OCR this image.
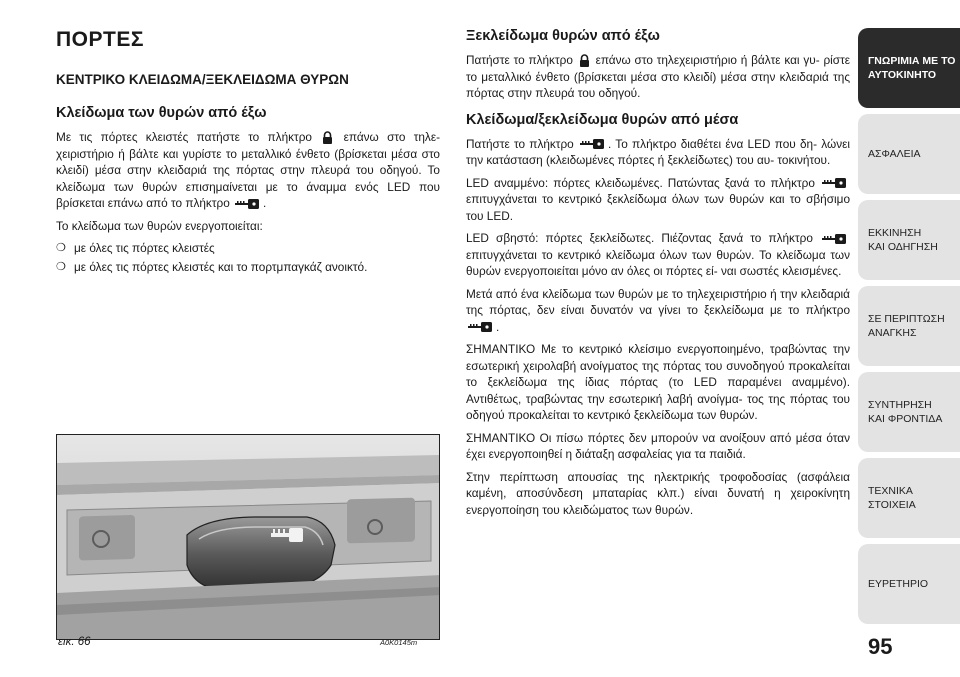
ΠΟΡΤΕΣ
ΚΕΝΤΡΙΚΟ ΚΛΕΙΔΩΜΑ/ΞΕΚΛΕΙΔΩΜΑ ΘΥΡΩΝ
Κλείδωμα των θυρών από έξω

Με τις πόρτες κλειστές πατήστε το πλήκτρο	επάνω στο τηλε- χειριστήριο ή βάλτε και γυρίστε το μεταλλικό ένθετο (βρίσκεται μέσα στο κλειδί) μέσα στην κλειδαριά της πόρτας στην πλευρά του οδηγού. Το κλείδωμα των θυρών επισημαίνεται με το άναμμα ενός LED που βρίσκεται επάνω από το πλήκτρο	.

Το κλείδωμα των θυρών ενεργοποιείται:

❍ με όλες τις πόρτες κλειστές
❍ με όλες τις πόρτες κλειστές και το πορτμπαγκάζ ανοικτό.
εικ. 66	A0K0145m
Ξεκλείδωμα θυρών από έξω

Πατήστε το πλήκτρο επάνω στο τηλεχειριστήριο ή βάλτε και γυ- ρίστε το μεταλλικό ένθετο (βρίσκεται μέσα στο κλειδί) μέσα στην κλειδαριά της πόρτας στην πλευρά του οδηγού.

Κλείδωμα/ξεκλείδωμα θυρών από μέσα

Πατήστε το πλήκτρο	. Το πλήκτρο διαθέτει ένα LED που δη- λώνει την κατάσταση (κλειδωμένες πόρτες ή ξεκλείδωτες) του αυ- τοκινήτου.

LED αναμμένο: πόρτες κλειδωμένες. Πατώντας ξανά το πλήκτρο  επιτυγχάνεται το κεντρικό ξεκλείδωμα όλων των θυρών και το σβήσιμο του LED.

LED σβηστό: πόρτες ξεκλείδωτες. Πιέζοντας ξανά το πλήκτρο  επιτυγχάνεται το κεντρικό κλείδωμα όλων των θυρών. Το κλείδωμα των θυρών ενεργοποιείται μόνο αν όλες οι πόρτες εί- ναι σωστές κλεισμένες.

Μετά από ένα κλείδωμα των θυρών με το τηλεχειριστήριο ή την κλειδαριά της πόρτας, δεν είναι δυνατόν να γίνει το ξεκλείδωμα με το πλήκτρο .

ΣΗΜΑΝΤΙΚΟ Με το κεντρικό κλείσιμο ενεργοποιημένο, τραβώντας την εσωτερική χειρολαβή ανοίγματος της πόρτας του συνοδηγού προκαλείται το ξεκλείδωμα της ίδιας πόρτας (το LED παραμένει αναμμένο). Αντιθέτως, τραβώντας την εσωτερική λαβή ανοίγμα- τος της πόρτας του οδηγού προκαλείται το κεντρικό ξεκλείδωμα των θυρών.

ΣΗΜΑΝΤΙΚΟ Οι πίσω πόρτες δεν μπορούν να ανοίξουν από μέσα όταν έχει ενεργοποιηθεί η διάταξη ασφαλείας για τα παιδιά.

Στην περίπτωση απουσίας της ηλεκτρικής τροφοδοσίας (ασφάλεια καμένη, αποσύνδεση μπαταρίας κλπ.) είναι δυνατή η χειροκίνητη ενεργοποίηση του κλειδώματος των θυρών.

95
ΓΝΩΡΙΜΙΑ ΜΕ ΤΟ
ΑΥΤΟΚΙΝΗΤΟ
ΑΣΦΑΛΕΙΑ
ΕΚΚΙΝΗΣΗ
ΚΑΙ ΟΔΗΓΗΣΗ
ΣΕ ΠΕΡΙΠΤΩΣΗ
ΑΝΑΓΚΗΣ
ΣΥΝΤΗΡΗΣΗ
ΚΑΙ ΦΡΟΝΤΙΔΑ
ΤΕΧΝΙΚΑ
ΣΤΟΙΧΕΙΑ
ΕΥΡΕΤΗΡΙΟ
